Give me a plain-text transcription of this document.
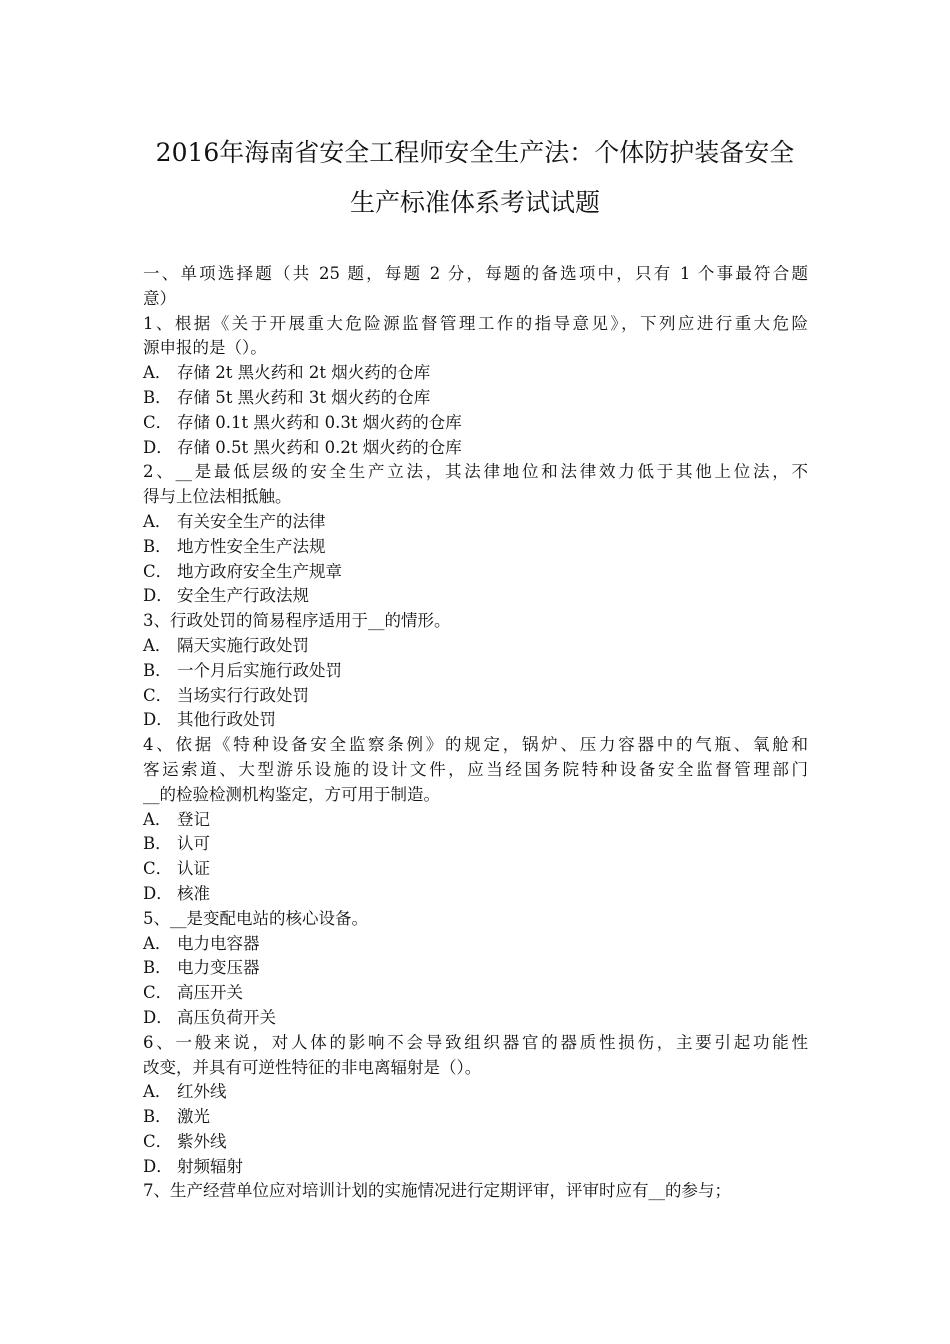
2016年海南省安全工程师安全生产法：个体防护装备安全
生产标准体系考试试题
一、单项选择题（共 25 题，每题 2 分，每题的备选项中，只有 1 个事最符合题
意）
1、根据《关于开展重大危险源监督管理工作的指导意见》，下列应进行重大危险
源申报的是（）。
A． 存储 2t 黑火药和 2t 烟火药的仓库
B． 存储 5t 黑火药和 3t 烟火药的仓库
C． 存储 0.1t 黑火药和 0.3t 烟火药的仓库
D． 存储 0.5t 黑火药和 0.2t 烟火药的仓库
2、__是最低层级的安全生产立法，其法律地位和法律效力低于其他上位法，不
得与上位法相抵触。
A． 有关安全生产的法律
B． 地方性安全生产法规
C． 地方政府安全生产规章
D． 安全生产行政法规
3、行政处罚的简易程序适用于__的情形。
A． 隔天实施行政处罚
B． 一个月后实施行政处罚
C． 当场实行行政处罚
D． 其他行政处罚
4、依据《特种设备安全监察条例》的规定，锅炉、压力容器中的气瓶、氧舱和
客运索道、大型游乐设施的设计文件，应当经国务院特种设备安全监督管理部门
__的检验检测机构鉴定，方可用于制造。
A． 登记
B． 认可
C． 认证
D． 核准
5、__是变配电站的核心设备。
A． 电力电容器
B． 电力变压器
C． 高压开关
D． 高压负荷开关
6、一般来说，对人体的影响不会导致组织器官的器质性损伤，主要引起功能性
改变，并具有可逆性特征的非电离辐射是（）。
A． 红外线
B． 激光
C． 紫外线
D． 射频辐射
7、生产经营单位应对培训计划的实施情况进行定期评审，评审时应有__的参与；
